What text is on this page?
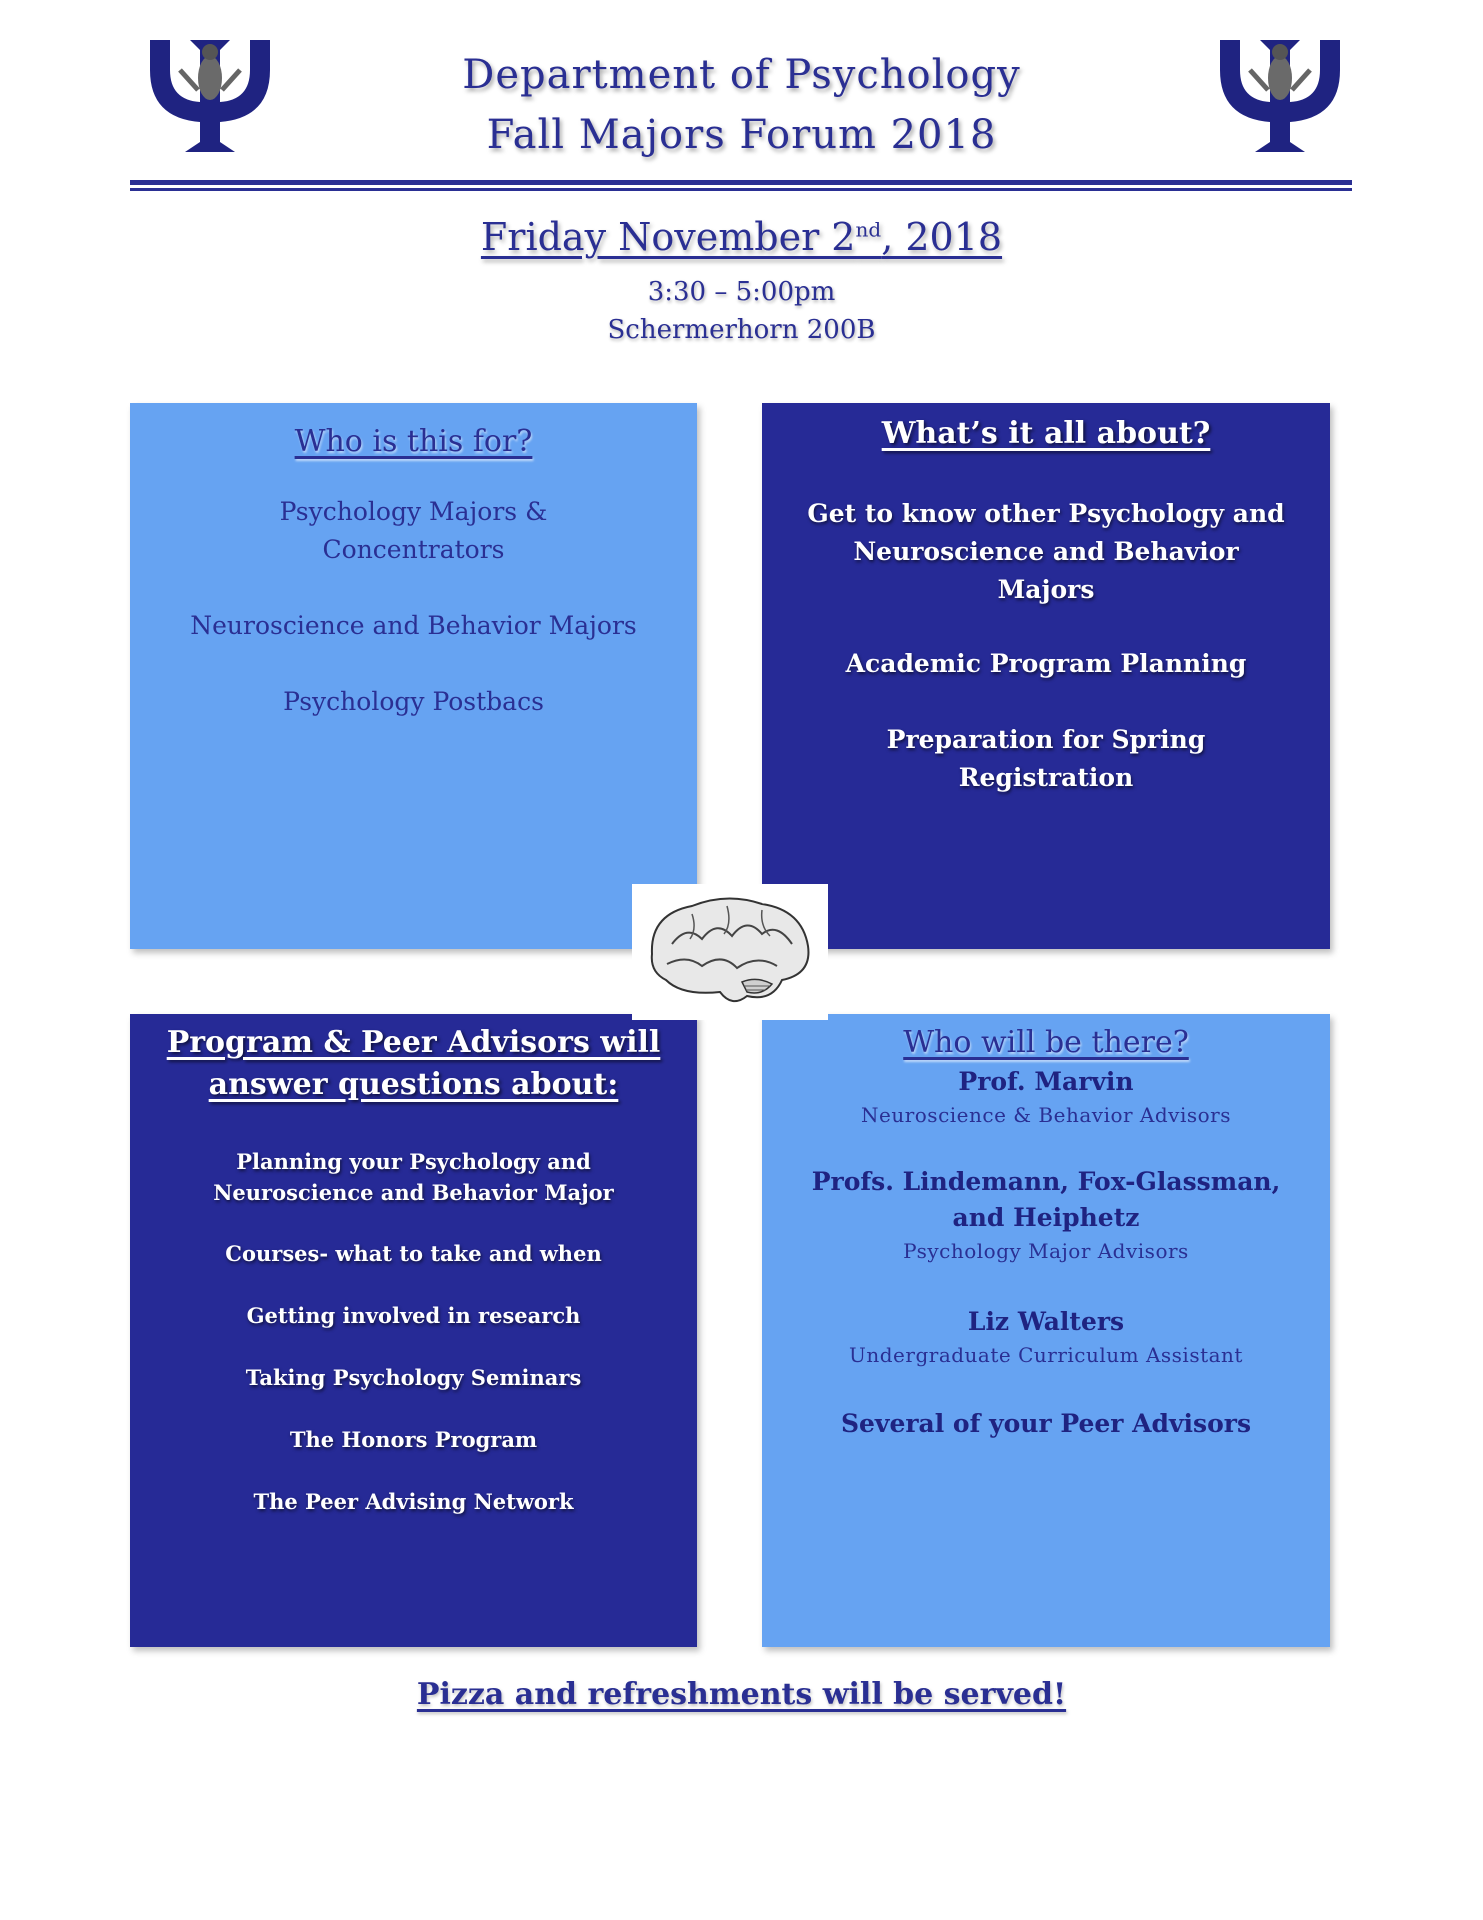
Department of Psychology
Fall Majors Forum 2018
Friday November 2nd, 2018
3:30 – 5:00pm
Schermerhorn 200B

Who is this for?

Psychology Majors & Concentrators

Neuroscience and Behavior Majors

Psychology Postbacs

What’s it all about?

Get to know other Psychology and Neuroscience and Behavior Majors

Academic Program Planning

Preparation for Spring Registration

Program & Peer Advisors will

answer questions about:

Planning your Psychology and Neuroscience and Behavior Major

Courses- what to take and when

Getting involved in research

Taking Psychology Seminars

The Honors Program

The Peer Advising Network

Who will be there?

Prof. Marvin

Neuroscience & Behavior Advisors

Profs. Lindemann, Fox-Glassman, and Heiphetz

Psychology Major Advisors

Liz Walters

Undergraduate Curriculum Assistant

Several of your Peer Advisors

Pizza and refreshments will be served!
